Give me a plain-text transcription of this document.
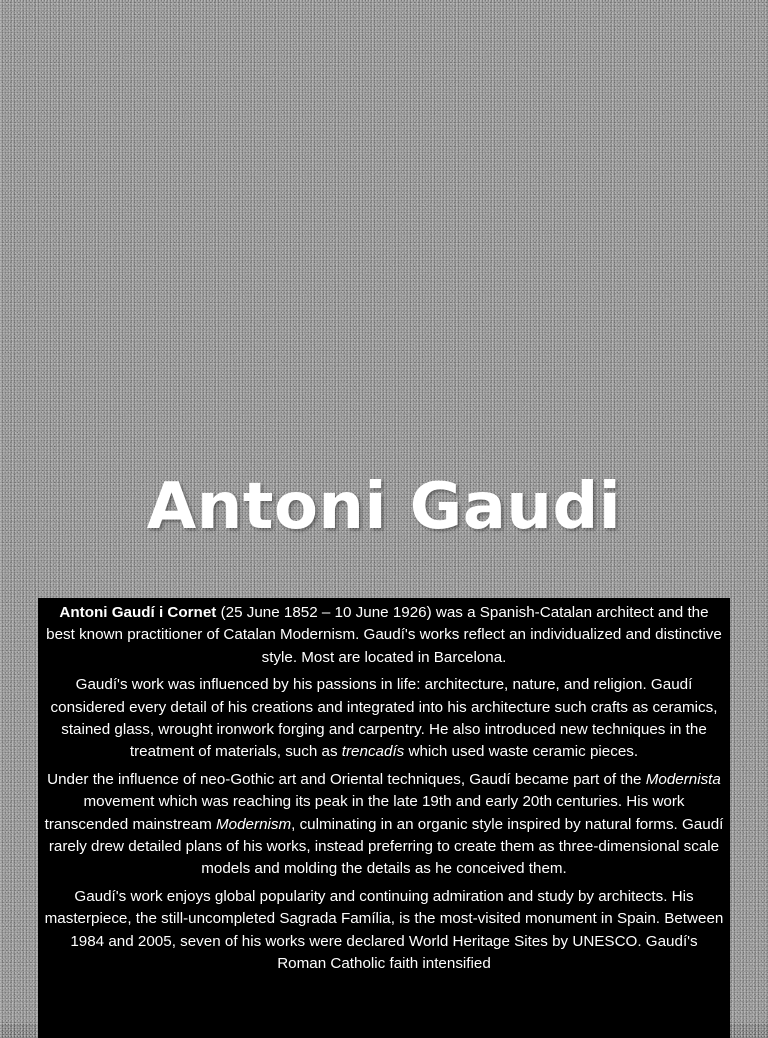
Antoni Gaudi

Antoni Gaudí i Cornet (25 June 1852 – 10 June 1926) was a Spanish-Catalan architect and the best known practitioner of Catalan Modernism. Gaudí's works reflect an individualized and distinctive style. Most are located in Barcelona.

Gaudí's work was influenced by his passions in life: architecture, nature, and religion. Gaudí considered every detail of his creations and integrated into his architecture such crafts as ceramics, stained glass, wrought ironwork forging and carpentry. He also introduced new techniques in the treatment of materials, such as trencadís which used waste ceramic pieces.

Under the influence of neo-Gothic art and Oriental techniques, Gaudí became part of the Modernista movement which was reaching its peak in the late 19th and early 20th centuries. His work transcended mainstream Modernism, culminating in an organic style inspired by natural forms. Gaudí rarely drew detailed plans of his works, instead preferring to create them as three-dimensional scale models and molding the details as he conceived them.

Gaudí's work enjoys global popularity and continuing admiration and study by architects. His masterpiece, the still-uncompleted Sagrada Família, is the most-visited monument in Spain. Between 1984 and 2005, seven of his works were declared World Heritage Sites by UNESCO. Gaudí's Roman Catholic faith intensified
